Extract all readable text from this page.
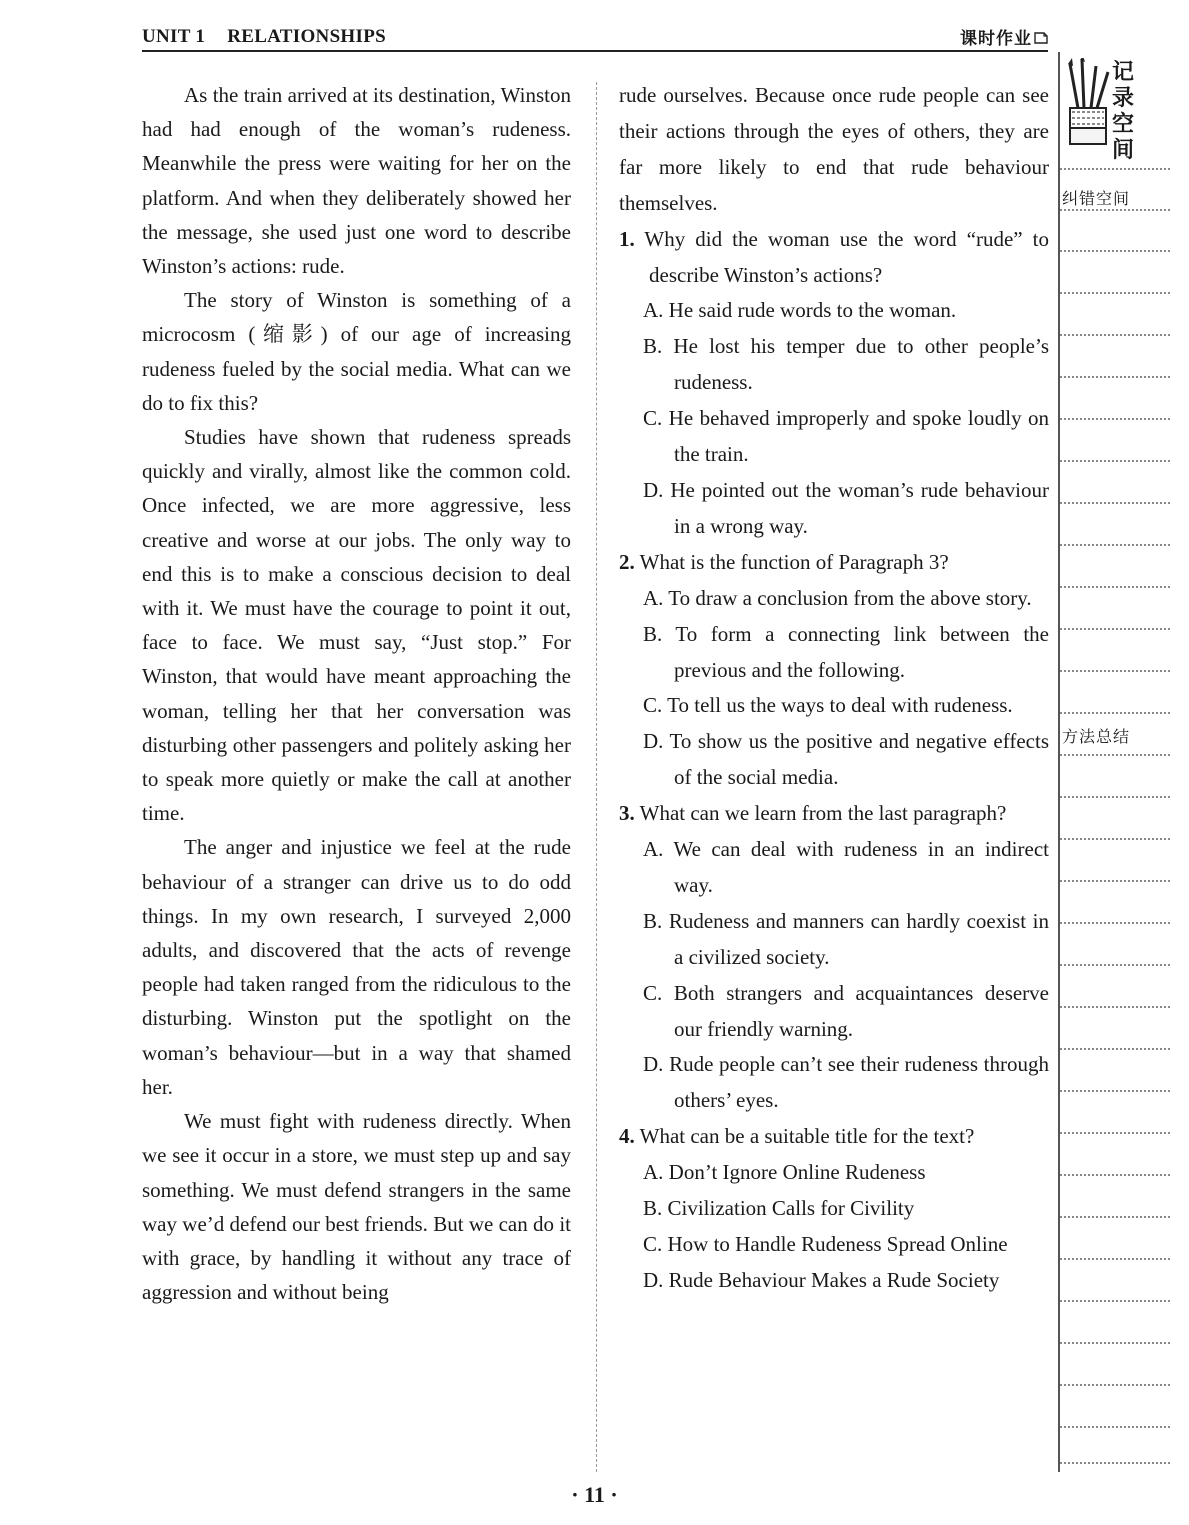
UNIT 1 RELATIONSHIPS	课时作业

As the train arrived at its destination, Winston had had enough of the woman’s rudeness. Meanwhile the press were waiting for her on the platform. And when they deliberately showed her the message, she used just one word to describe Winston’s actions: rude.

The story of Winston is something of a microcosm (缩影) of our age of increasing rudeness fueled by the social media. What can we do to fix this?

Studies have shown that rudeness spreads quickly and virally, almost like the common cold. Once infected, we are more aggressive, less creative and worse at our jobs. The only way to end this is to make a conscious decision to deal with it. We must have the courage to point it out, face to face. We must say, “Just stop.” For Winston, that would have meant approaching the woman, telling her that her conversation was disturbing other passengers and politely asking her to speak more quietly or make the call at another time.

The anger and injustice we feel at the rude behaviour of a stranger can drive us to do odd things. In my own research, I surveyed 2,000 adults, and discovered that the acts of revenge people had taken ranged from the ridiculous to the disturbing. Winston put the spotlight on the woman’s behaviour—but in a way that shamed her.

We must fight with rudeness directly. When we see it occur in a store, we must step up and say something. We must defend strangers in the same way we’d defend our best friends. But we can do it with grace, by handling it without any trace of aggression and without being

rude ourselves. Because once rude people can see their actions through the eyes of others, they are far more likely to end that rude behaviour themselves.

1. Why did the woman use the word “rude” to describe Winston’s actions?

A. He said rude words to the woman.

B. He lost his temper due to other people’s rudeness.

C. He behaved improperly and spoke loudly on the train.

D. He pointed out the woman’s rude behaviour in a wrong way.

2. What is the function of Paragraph 3?

A. To draw a conclusion from the above story.

B. To form a connecting link between the previous and the following.

C. To tell us the ways to deal with rudeness.

D. To show us the positive and negative effects of the social media.

3. What can we learn from the last paragraph?

A. We can deal with rudeness in an indirect way.

B. Rudeness and manners can hardly coexist in a civilized society.

C. Both strangers and acquaintances deserve our friendly warning.

D. Rude people can’t see their rudeness through others’ eyes.

4. What can be a suitable title for the text?

A. Don’t Ignore Online Rudeness

B. Civilization Calls for Civility

C. How to Handle Rudeness Spread Online

D. Rude Behaviour Makes a Rude Society

记录空间
纠错空间
方法总结
· 11 ·
